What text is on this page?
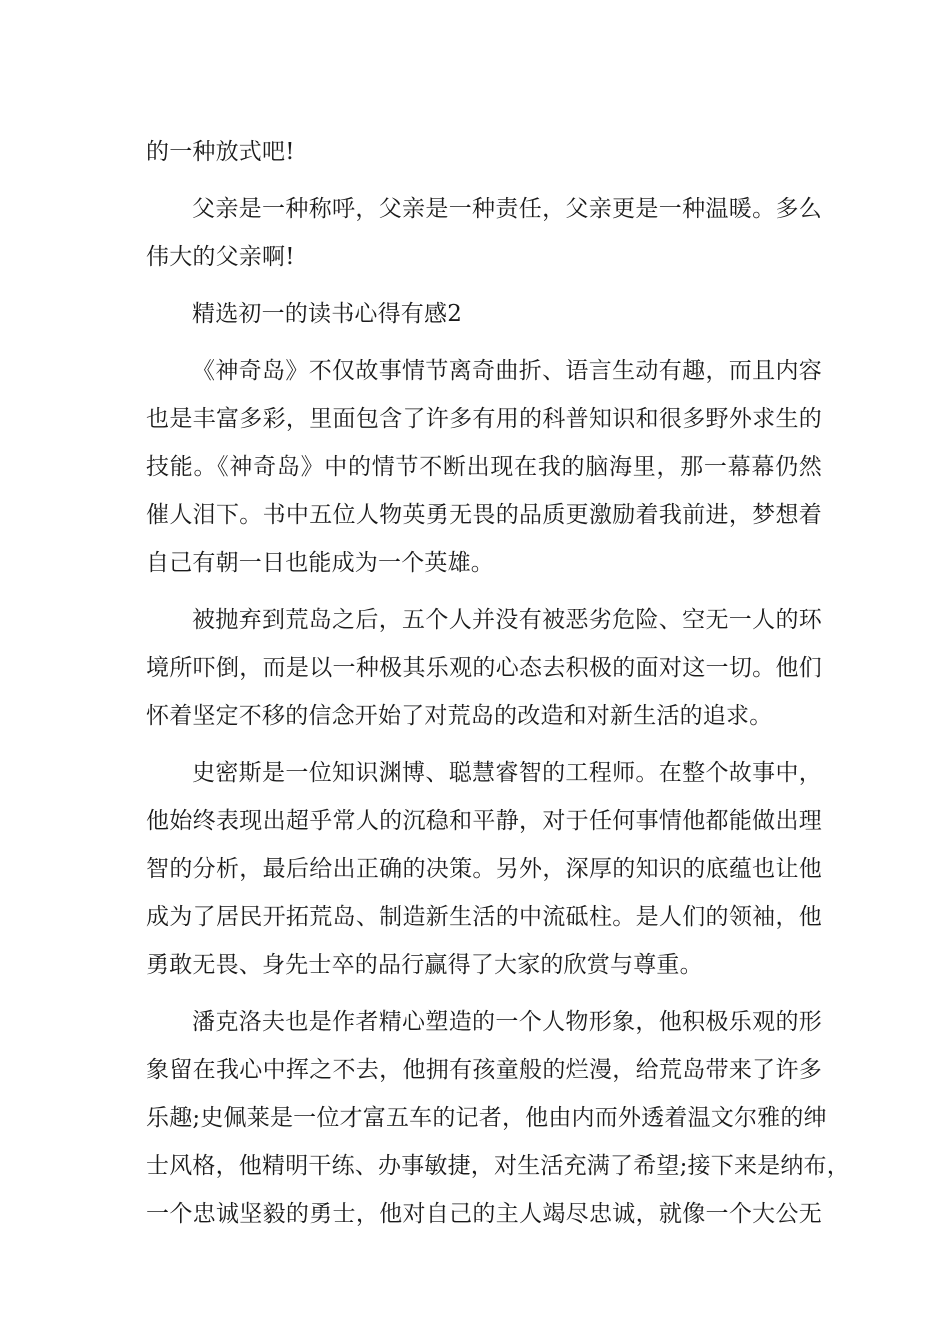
的一种放式吧!
父亲是一种称呼，父亲是一种责任，父亲更是一种温暖。多么
伟大的父亲啊!
精选初一的读书心得有感2
《神奇岛》不仅故事情节离奇曲折、语言生动有趣，而且内容
也是丰富多彩，里面包含了许多有用的科普知识和很多野外求生的
技能。《神奇岛》中的情节不断出现在我的脑海里，那一幕幕仍然
催人泪下。书中五位人物英勇无畏的品质更激励着我前进，梦想着
自己有朝一日也能成为一个英雄。
被抛弃到荒岛之后，五个人并没有被恶劣危险、空无一人的环
境所吓倒，而是以一种极其乐观的心态去积极的面对这一切。他们
怀着坚定不移的信念开始了对荒岛的改造和对新生活的追求。
史密斯是一位知识渊博、聪慧睿智的工程师。在整个故事中，
他始终表现出超乎常人的沉稳和平静，对于任何事情他都能做出理
智的分析，最后给出正确的决策。另外，深厚的知识的底蕴也让他
成为了居民开拓荒岛、制造新生活的中流砥柱。是人们的领袖，他
勇敢无畏、身先士卒的品行赢得了大家的欣赏与尊重。
潘克洛夫也是作者精心塑造的一个人物形象，他积极乐观的形
象留在我心中挥之不去，他拥有孩童般的烂漫，给荒岛带来了许多
乐趣;史佩莱是一位才富五车的记者，他由内而外透着温文尔雅的绅
士风格，他精明干练、办事敏捷，对生活充满了希望;接下来是纳布，
一个忠诚坚毅的勇士，他对自己的主人竭尽忠诚，就像一个大公无
